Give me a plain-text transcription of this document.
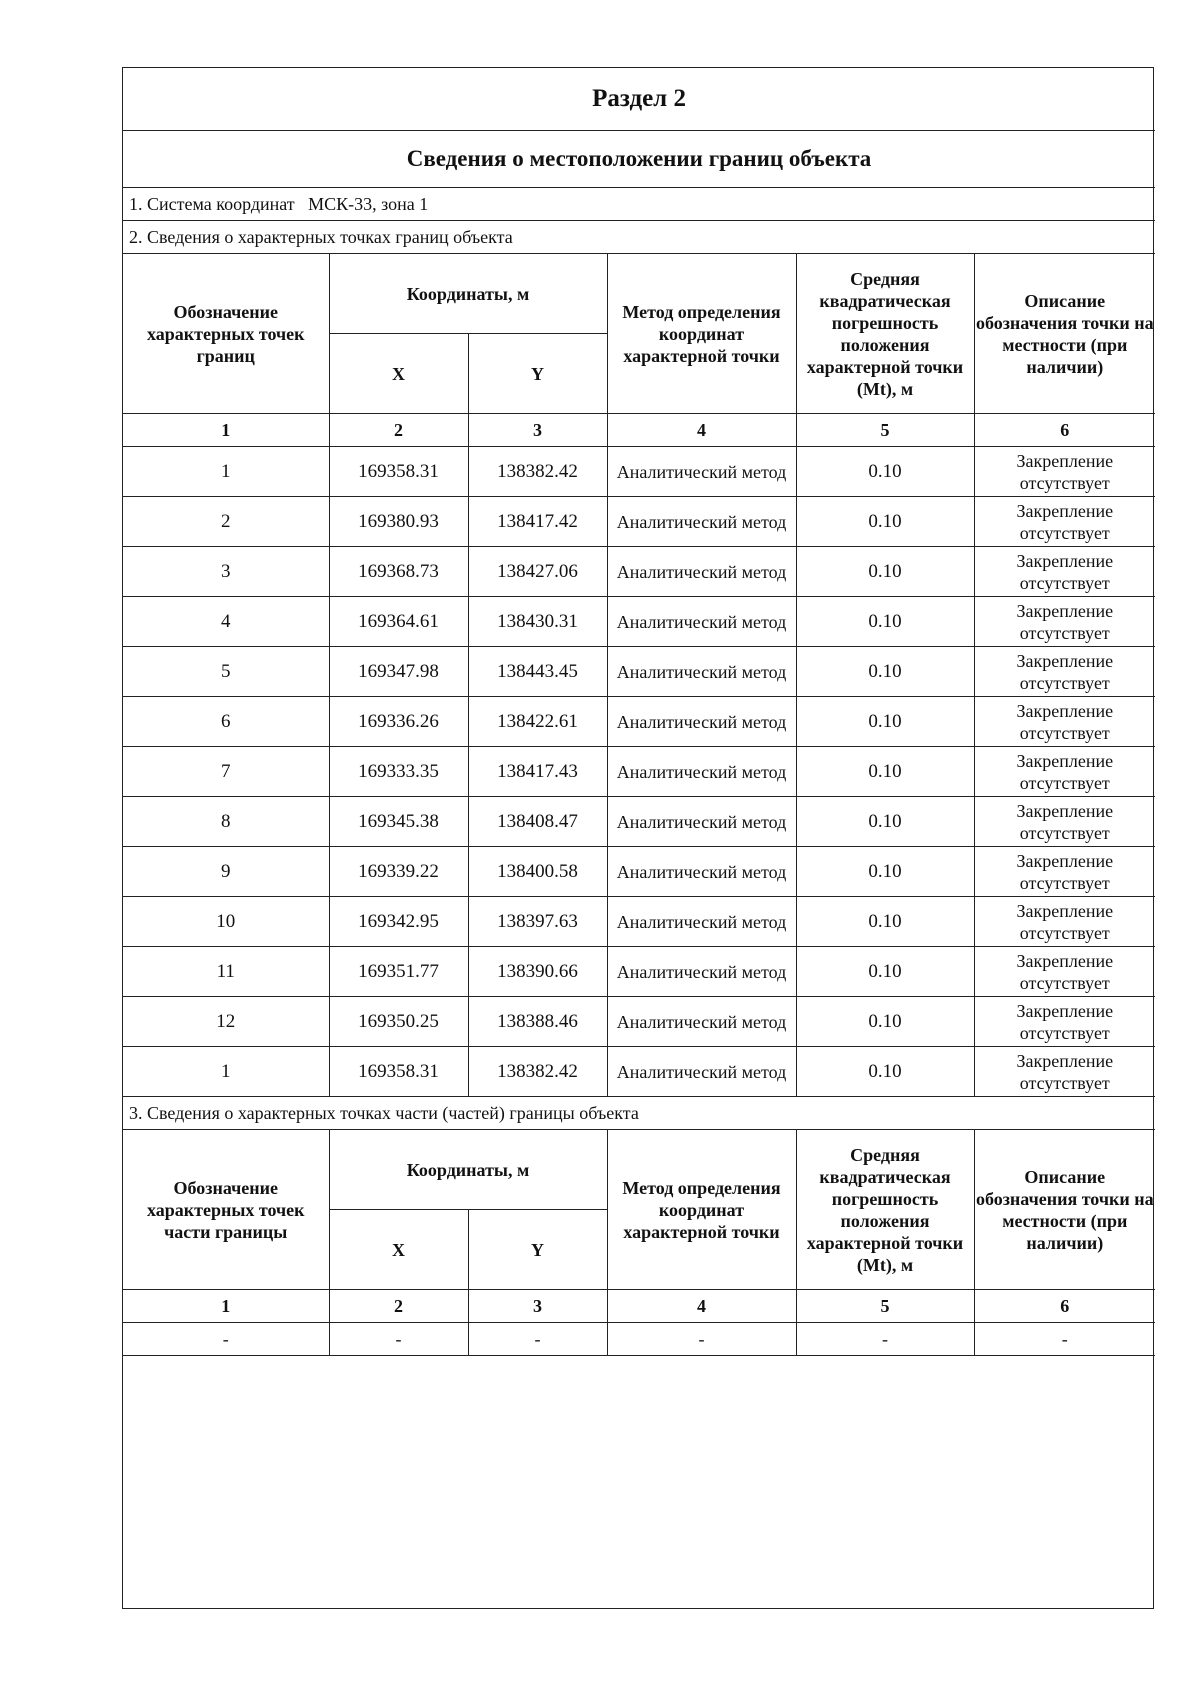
Раздел 2					
Сведения о местоположении границ объекта					
1. Система координат МСК-33, зона 1					
2. Сведения о характерных точках границ объекта					
Обозначение характерных точек границ	Координаты, м		Метод определения координат характерной точки	Средняя квадратическая погрешность положения характерной точки (Mt), м	Описание обозначения точки на местности (при наличии)
	X	Y			
1	2	3	4	5	6
1	169358.31	138382.42	Аналитический метод	0.10	Закрепление отсутствует
2	169380.93	138417.42	Аналитический метод	0.10	Закрепление отсутствует
3	169368.73	138427.06	Аналитический метод	0.10	Закрепление отсутствует
4	169364.61	138430.31	Аналитический метод	0.10	Закрепление отсутствует
5	169347.98	138443.45	Аналитический метод	0.10	Закрепление отсутствует
6	169336.26	138422.61	Аналитический метод	0.10	Закрепление отсутствует
7	169333.35	138417.43	Аналитический метод	0.10	Закрепление отсутствует
8	169345.38	138408.47	Аналитический метод	0.10	Закрепление отсутствует
9	169339.22	138400.58	Аналитический метод	0.10	Закрепление отсутствует
10	169342.95	138397.63	Аналитический метод	0.10	Закрепление отсутствует
11	169351.77	138390.66	Аналитический метод	0.10	Закрепление отсутствует
12	169350.25	138388.46	Аналитический метод	0.10	Закрепление отсутствует
1	169358.31	138382.42	Аналитический метод	0.10	Закрепление отсутствует
3. Сведения о характерных точках части (частей) границы объекта					
Обозначение характерных точек части границы	Координаты, м		Метод определения координат характерной точки	Средняя квадратическая погрешность положения характерной точки (Mt), м	Описание обозначения точки на местности (при наличии)
	X	Y			
1	2	3	4	5	6
-	-	-	-	-	-
